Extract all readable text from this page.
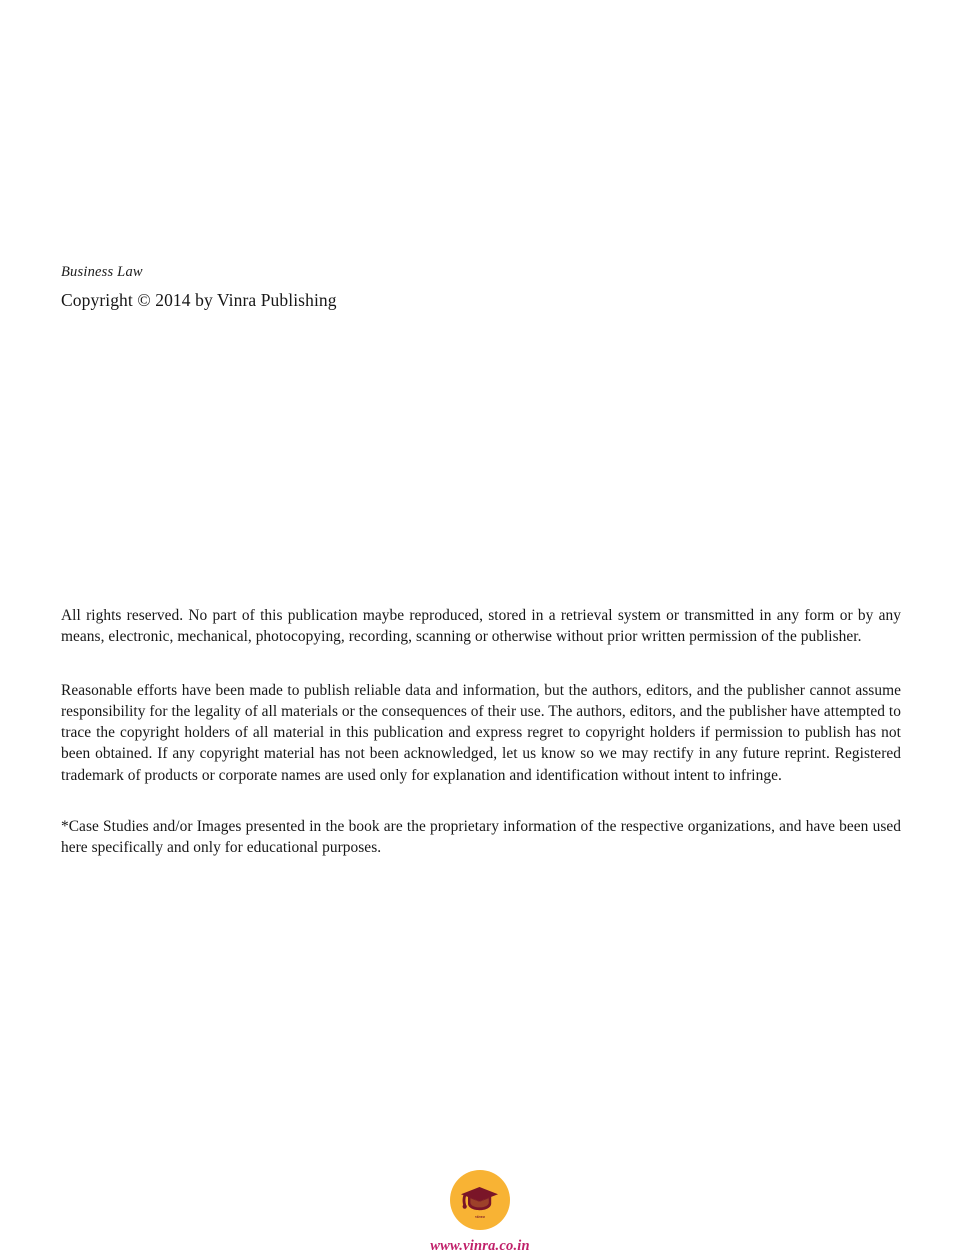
Business Law
Copyright © 2014 by Vinra Publishing

All rights reserved. No part of this publication maybe reproduced, stored in a retrieval system or transmitted in any form or by any means, electronic, mechanical, photocopying, recording, scanning or otherwise without prior written permission of the publisher.

Reasonable efforts have been made to publish reliable data and information, but the authors, editors, and the publisher cannot assume responsibility for the legality of all materials or the consequences of their use. The authors, editors, and the publisher have attempted to trace the copyright holders of all material in this publication and express regret to copyright holders if permission to publish has not been obtained. If any copyright material has not been acknowledged, let us know so we may rectify in any future reprint. Registered trademark of products or corporate names are used only for explanation and identification without intent to infringe.

*Case Studies and/or Images presented in the book are the proprietary information of the respective organizations, and have been used here specifically and only for educational purposes.

vinra
www.vinra.co.in
